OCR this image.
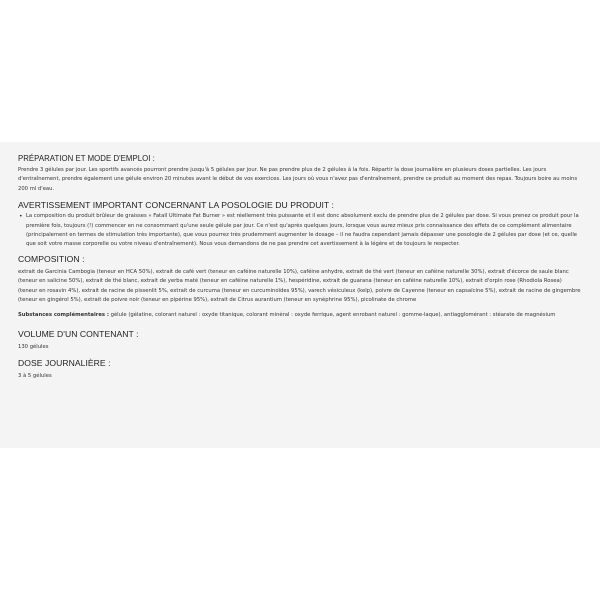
PRÉPARATION ET MODE D'EMPLOI :

Prendre 3 gélules par jour. Les sportifs avancés pourront prendre jusqu'à 5 gélules par jour. Ne pas prendre plus de 2 gélules à la fois. Répartir la dose journalière en plusieurs doses partielles. Les jours d'entraînement, prendre également une gélule environ 20 minutes avant le début de vos exercices. Les jours où vous n'avez pas d'entraînement, prendre ce produit au moment des repas. Toujours boire au moins 200 ml d'eau.

AVERTISSEMENT IMPORTANT CONCERNANT LA POSOLOGIE DU PRODUIT :
• La composition du produit brûleur de graisses « Fatall Ultimate Fat Burner » est réellement très puissante et il est donc absolument exclu de prendre plus de 2 gélules par dose. Si vous prenez ce produit pour la première fois, toujours (!) commencer en ne consommant qu'une seule gélule par jour. Ce n'est qu'après quelques jours, lorsque vous aurez mieux pris connaissance des effets de ce complément alimentaire (principalement en termes de stimulation très importante), que vous pourrez très prudemment augmenter le dosage – il ne faudra cependant jamais dépasser une posologie de 2 gélules par dose (et ce, quelle que soit votre masse corporelle ou votre niveau d'entraînement). Nous vous demandons de ne pas prendre cet avertissement à la légère et de toujours le respecter.
COMPOSITION :

extrait de Garcinia Cambogia (teneur en HCA 50%), extrait de café vert (teneur en caféine naturelle 10%), caféine anhydre, extrait de thé vert (teneur en caféine naturelle 30%), extrait d'écorce de saule blanc (teneur en salicine 50%), extrait de thé blanc, extrait de yerba maté (teneur en caféine naturelle 1%), hespéridine, extrait de guarana (teneur en caféine naturelle 10%), extrait d'orpin rose (Rhodiola Rosea) (teneur en rosavin 4%), extrait de racine de pissenlit 5%, extrait de curcuma (teneur en curcuminoïdes 95%), varech vésiculeux (kelp), poivre de Cayenne (teneur en capsaïcine 5%), extrait de racine de gingembre (teneur en gingérol 5%), extrait de poivre noir (teneur en pipérine 95%), extrait de Citrus aurantium (teneur en synéphrine 95%), picolinate de chrome

Substances complémentaires : gélule (gélatine, colorant naturel : oxyde titanique, colorant minéral : oxyde ferrique, agent enrobant naturel : gomme-laque), antiagglomérant : stéarate de magnésium

VOLUME D'UN CONTENANT :

130 gélules

DOSE JOURNALIÈRE :

3 à 5 gélules
